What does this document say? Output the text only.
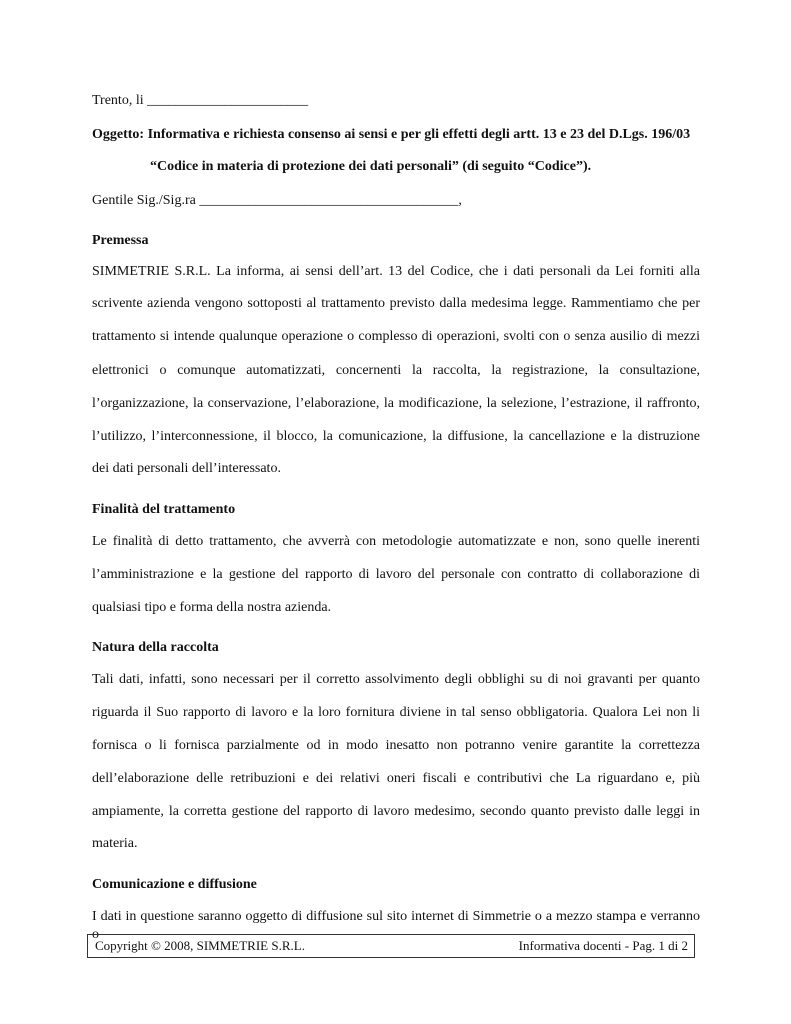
Trento, li _______________________
Oggetto: Informativa e richiesta consenso ai sensi e per gli effetti degli artt. 13 e 23 del D.Lgs. 196/03
“Codice in materia di protezione dei dati personali” (di seguito “Codice”).
Gentile Sig./Sig.ra _____________________________________,
Premessa
SIMMETRIE S.R.L. La informa, ai sensi dell’art. 13 del Codice, che i dati personali da Lei forniti alla
scrivente azienda vengono sottoposti al trattamento previsto dalla medesima legge. Rammentiamo che per
trattamento si intende qualunque operazione o complesso di operazioni, svolti con o senza ausilio di mezzi
elettronici o comunque automatizzati, concernenti la raccolta, la registrazione, la consultazione,
l’organizzazione, la conservazione, l’elaborazione, la modificazione, la selezione, l’estrazione, il raffronto,
l’utilizzo, l’interconnessione, il blocco, la comunicazione, la diffusione, la cancellazione e la distruzione
dei dati personali dell’interessato.
Finalità del trattamento
Le finalità di detto trattamento, che avverrà con metodologie automatizzate e non, sono quelle inerenti
l’amministrazione e la gestione del rapporto di lavoro del personale con contratto di collaborazione di
qualsiasi tipo e forma della nostra azienda.
Natura della raccolta
Tali dati, infatti, sono necessari per il corretto assolvimento degli obblighi su di noi gravanti per quanto
riguarda il Suo rapporto di lavoro e la loro fornitura diviene in tal senso obbligatoria. Qualora Lei non li
fornisca o li fornisca parzialmente od in modo inesatto non potranno venire garantite la correttezza
dell’elaborazione delle retribuzioni e dei relativi oneri fiscali e contributivi che La riguardano e, più
ampiamente, la corretta gestione del rapporto di lavoro medesimo, secondo quanto previsto dalle leggi in
materia.
Comunicazione e diffusione
I dati in questione saranno oggetto di diffusione sul sito internet di Simmetrie o a mezzo stampa e verranno o
Copyright © 2008, SIMMETRIE S.R.L.	Informativa docenti - Pag. 1 di 2
